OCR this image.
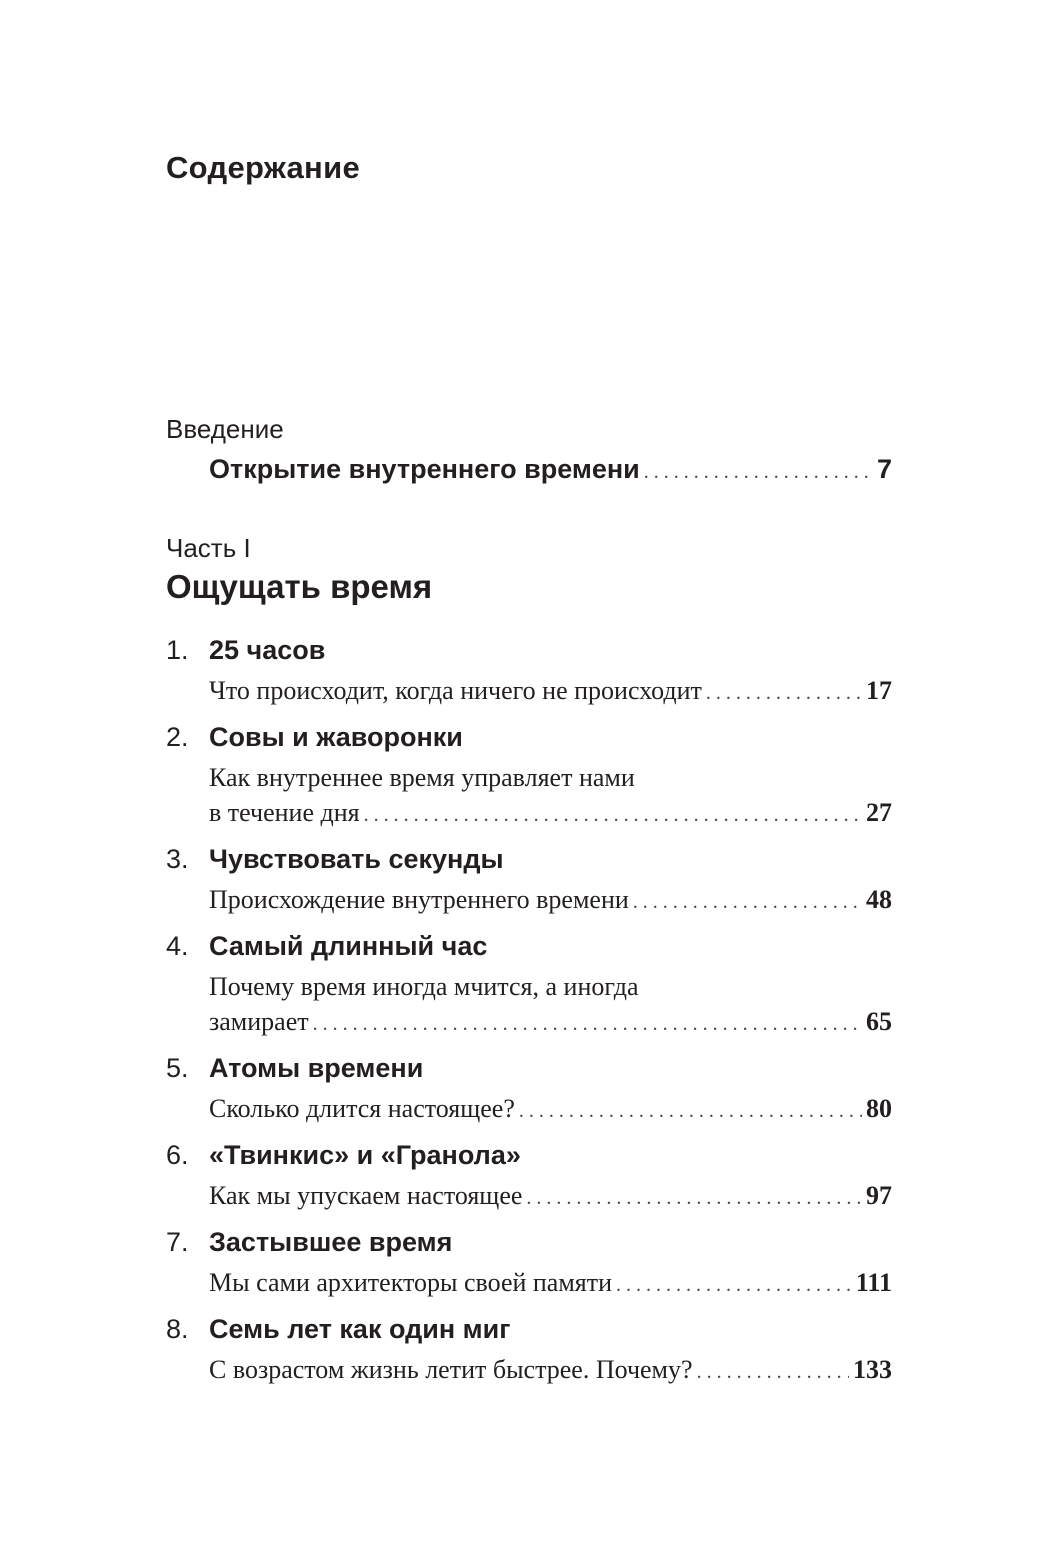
Содержание
Введение
Открытие внутреннего времени . . .	7
Часть I
Ощущать время
1. 25 часов
Что происходит, когда ничего не происходит . . .	17
2. Совы и жаворонки
Как внутреннее время управляет нами
в течение дня . . .	27
3. Чувствовать секунды
Происхождение внутреннего времени . . .	48
4. Самый длинный час
Почему время иногда мчится, а иногда
замирает . . .	65
5. Атомы времени
Сколько длится настоящее? . . .	80
6. «Твинкис» и «Гранола»
Как мы упускаем настоящее . . .	97
7. Застывшее время
Мы сами архитекторы своей памяти . . .	111
8. Семь лет как один миг
С возрастом жизнь летит быстрее. Почему? . . .	133
